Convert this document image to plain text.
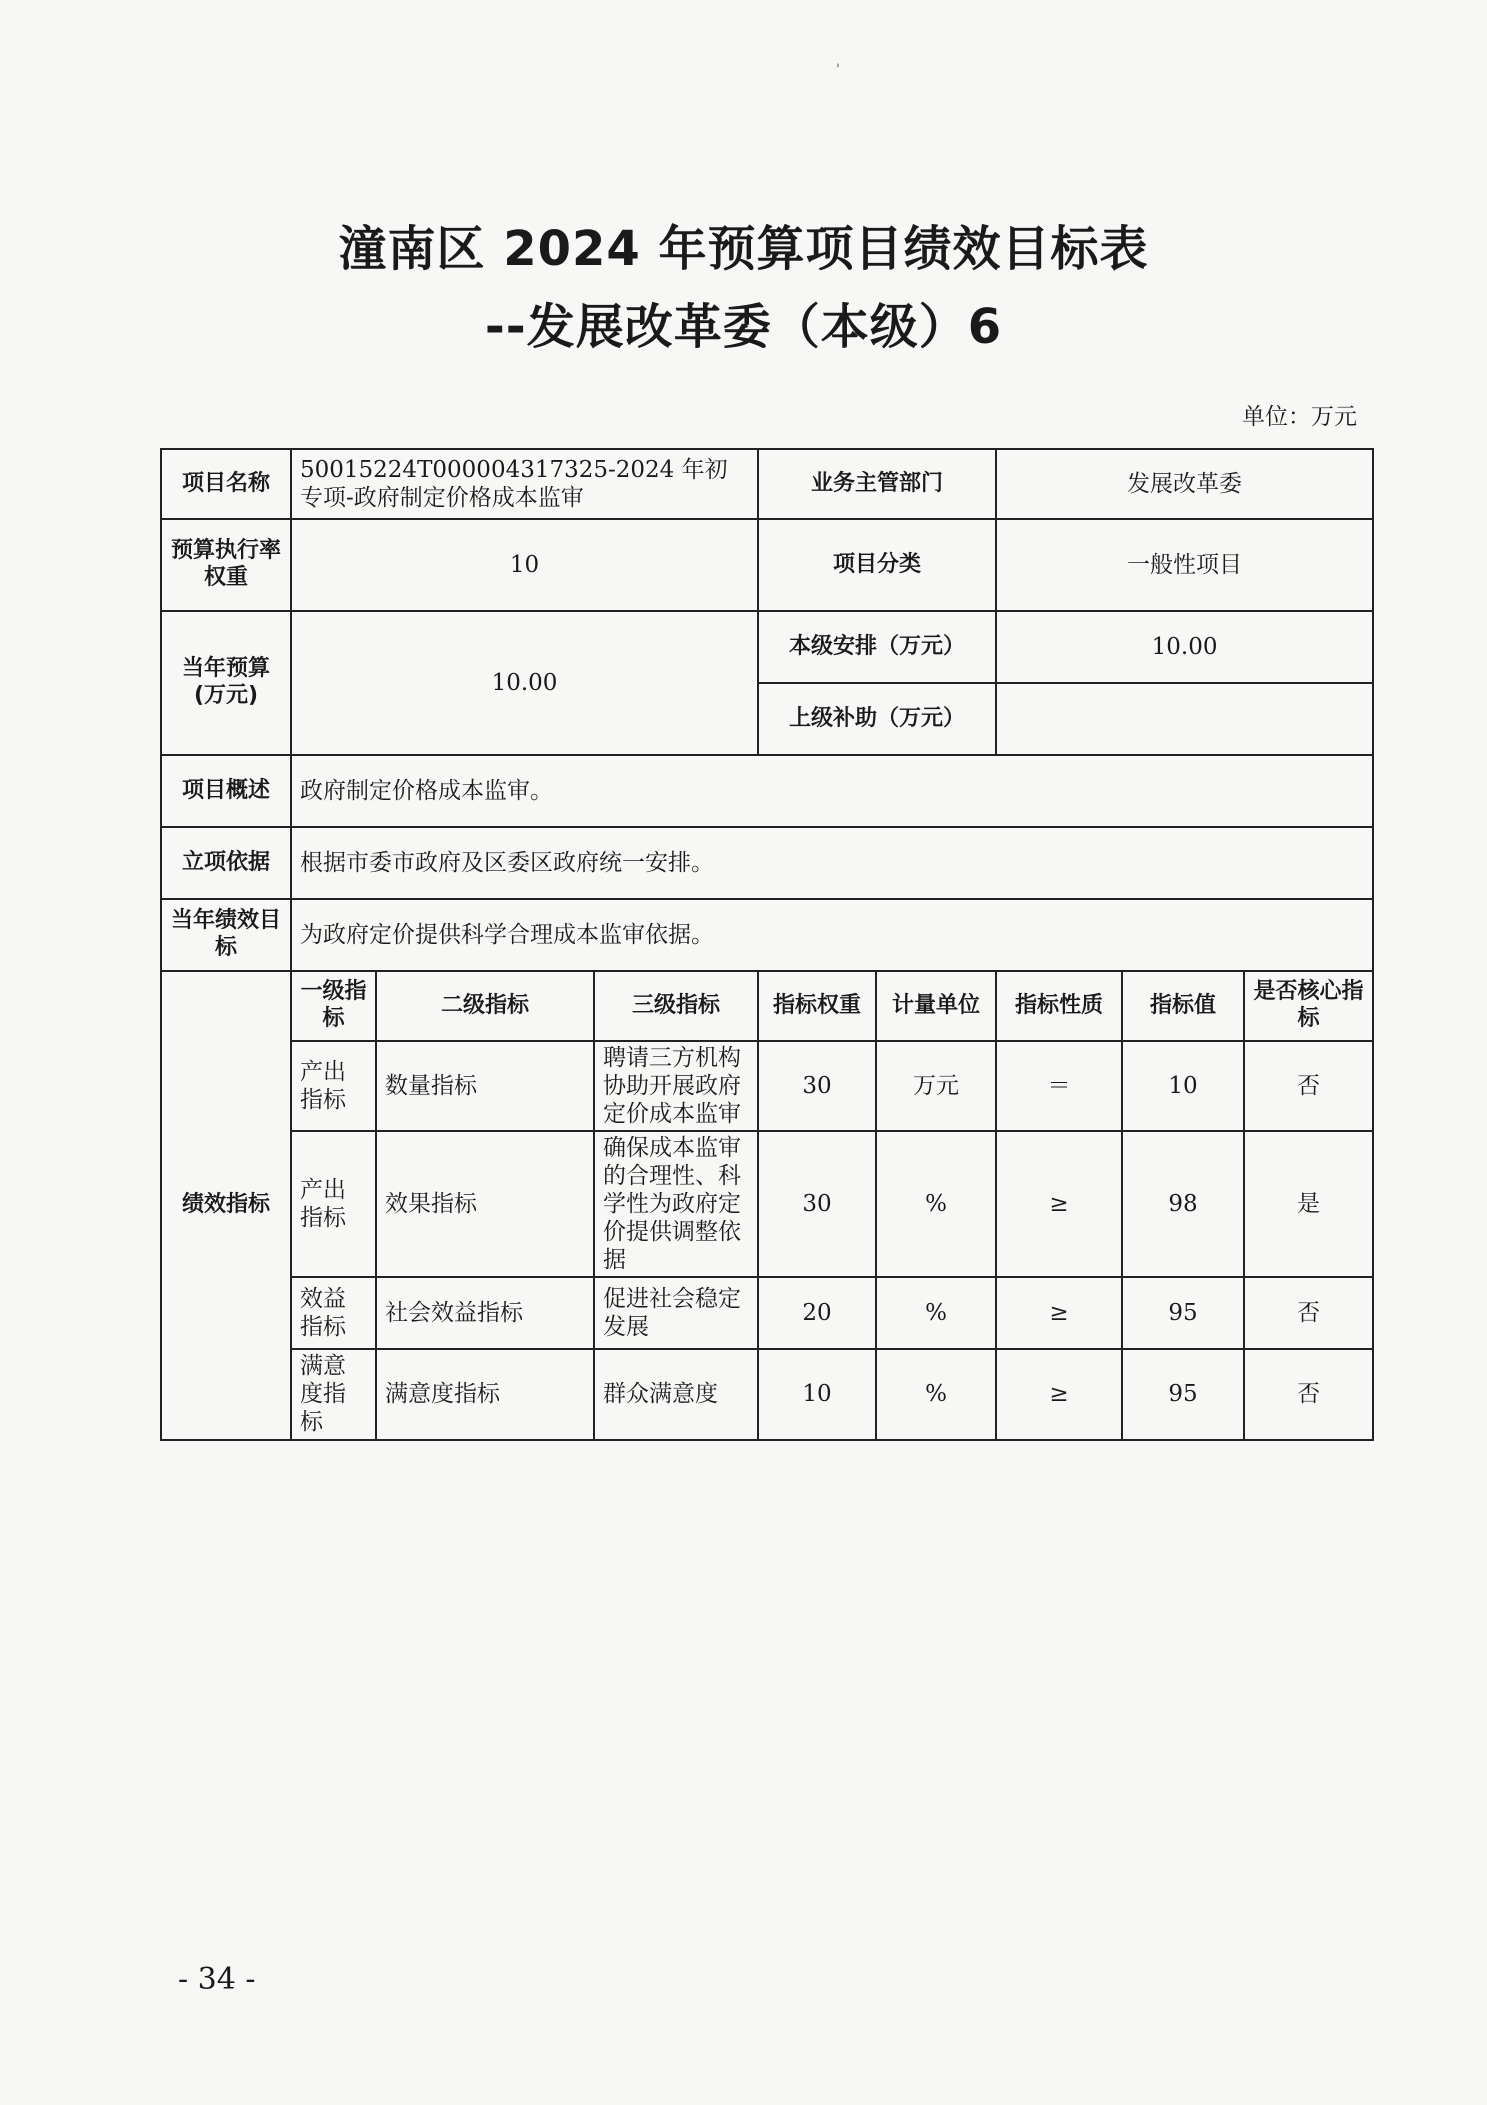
'
潼南区 2024 年预算项目绩效目标表
--发展改革委（本级）6
单位：万元
项目名称	50015224T000004317325-2024 年初专项-政府制定价格成本监审			业务主管部门		发展改革委		
预算执行率权重	10			项目分类		一般性项目		
当年预算(万元)	10.00			本级安排（万元）		10.00		
				上级补助（万元）				
项目概述	政府制定价格成本监审。							
立项依据	根据市委市政府及区委区政府统一安排。							
当年绩效目标	为政府定价提供科学合理成本监审依据。							
绩效指标	一级指标	二级指标	三级指标	指标权重	计量单位	指标性质	指标值	是否核心指标
	产出指标	数量指标	聘请三方机构协助开展政府定价成本监审	30	万元	＝	10	否
	产出指标	效果指标	确保成本监审的合理性、科学性为政府定价提供调整依据	30	%	≥	98	是
	效益指标	社会效益指标	促进社会稳定发展	20	%	≥	95	否
	满意度指标	满意度指标	群众满意度	10	%	≥	95	否
- 34 -
